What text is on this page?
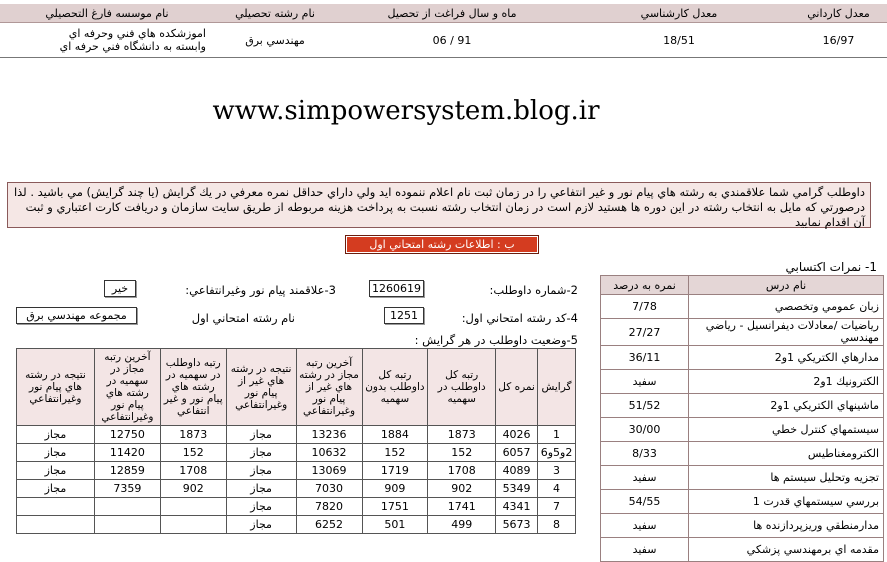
معدل كارداني	معدل كارشناسي	ماه و سال فراغت از تحصيل	نام رشته تحصيلي	نام موسسه فارغ التحصيلي
16/97	18/51	91 / 06	مهندسي برق	اموزشكده هاي فني وحرفه اي
وابسته به دانشگاه فني حرفه اي
www.simpowersystem.blog.ir
داوطلب گرامي شما علاقمندي به رشته هاي پيام نور و غير انتفاعي را در زمان ثبت نام اعلام ننموده ايد ولي داراي حداقل نمره معرفي در يك گرايش (يا چند گرايش) مي باشيد . لذا درصورتي كه مايل به انتخاب رشته در اين دوره ها هستيد لازم است در زمان انتخاب رشته نسبت به پرداخت هزينه مربوطه از طريق سايت سازمان و دريافت كارت اعتباري و ثبت آن اقدام نماييد
ب : اطلاعات رشته امتحاني اول
1- نمرات اكتسابي
نام درس	نمره به درصد
زبان عمومي وتخصصي	7/78
رياضيات /معادلات ديفرانسيل - رياضي مهندسي	27/27
مدارهاي الكتريكي 1و2	36/11
الكترونيك 1و2	سفيد
ماشينهاي الكتريكي 1و2	51/52
سيستمهاي كنترل خطي	30/00
الكترومغناطيس	8/33
تجزيه وتحليل سيستم ها	سفيد
بررسي سيستمهاي قدرت 1	54/55
مدارمنطقي وريزپردازنده ها	سفيد
مقدمه اي برمهندسي پزشكي	سفيد
2-شماره داوطلب:
1260619
3-علاقمند پيام نور وغيرانتفاعي:
خير
4-كد رشته امتحاني اول:
1251
نام رشته امتحاني اول
مجموعه مهندسي برق
5-وضعيت داوطلب در هر گرايش :
گرايش	نمره كل	رتبه كل داوطلب در سهميه	رتبه كل داوطلب بدون سهميه	آخرين رتبه مجاز در رشته هاي غير از پيام نور وغيرانتفاعي	نتيجه در رشته هاي غير از پيام نور وغيرانتفاعي	رتبه داوطلب در سهميه در رشته هاي پيام نور و غير انتفاعي	آخرين رتبه مجاز در سهميه در رشته هاي پيام نور وغيرانتفاعي	نتيجه در رشته هاي پيام نور وغيرانتفاعي
1	4026	1873	1884	13236	مجاز	1873	12750	مجاز
2و5و6	6057	152	152	10632	مجاز	152	11420	مجاز
3	4089	1708	1719	13069	مجاز	1708	12859	مجاز
4	5349	902	909	7030	مجاز	902	7359	مجاز
7	4341	1741	1751	7820	مجاز			
8	5673	499	501	6252	مجاز			
